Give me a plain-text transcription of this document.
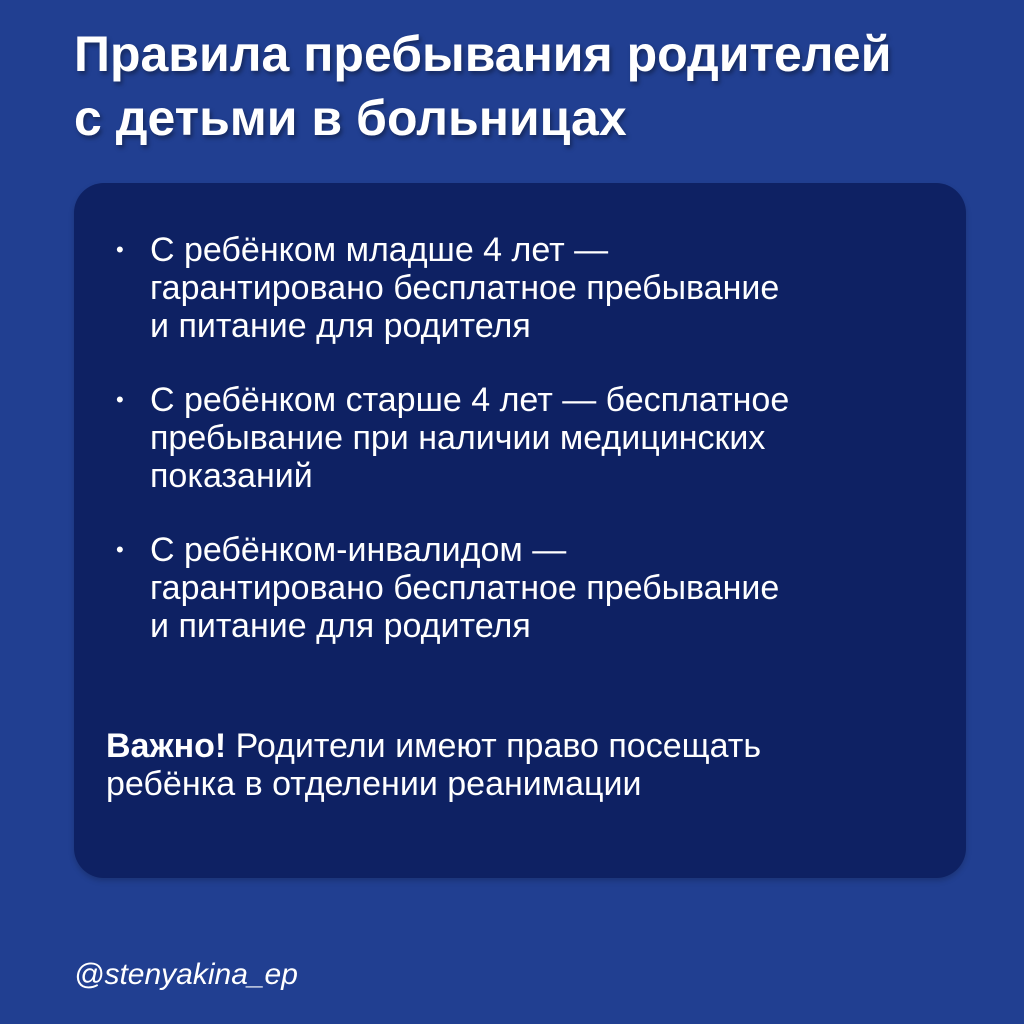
Правила пребывания родителей
с детьми в больницах
• С ребёнком младше 4 лет —
гарантировано бесплатное пребывание
и питание для родителя
• С ребёнком старше 4 лет — бесплатное
пребывание при наличии медицинских
показаний
• С ребёнком-инвалидом —
гарантировано бесплатное пребывание
и питание для родителя
Важно! Родители имеют право посещать
ребёнка в отделении реанимации
@stenyakina_ep
